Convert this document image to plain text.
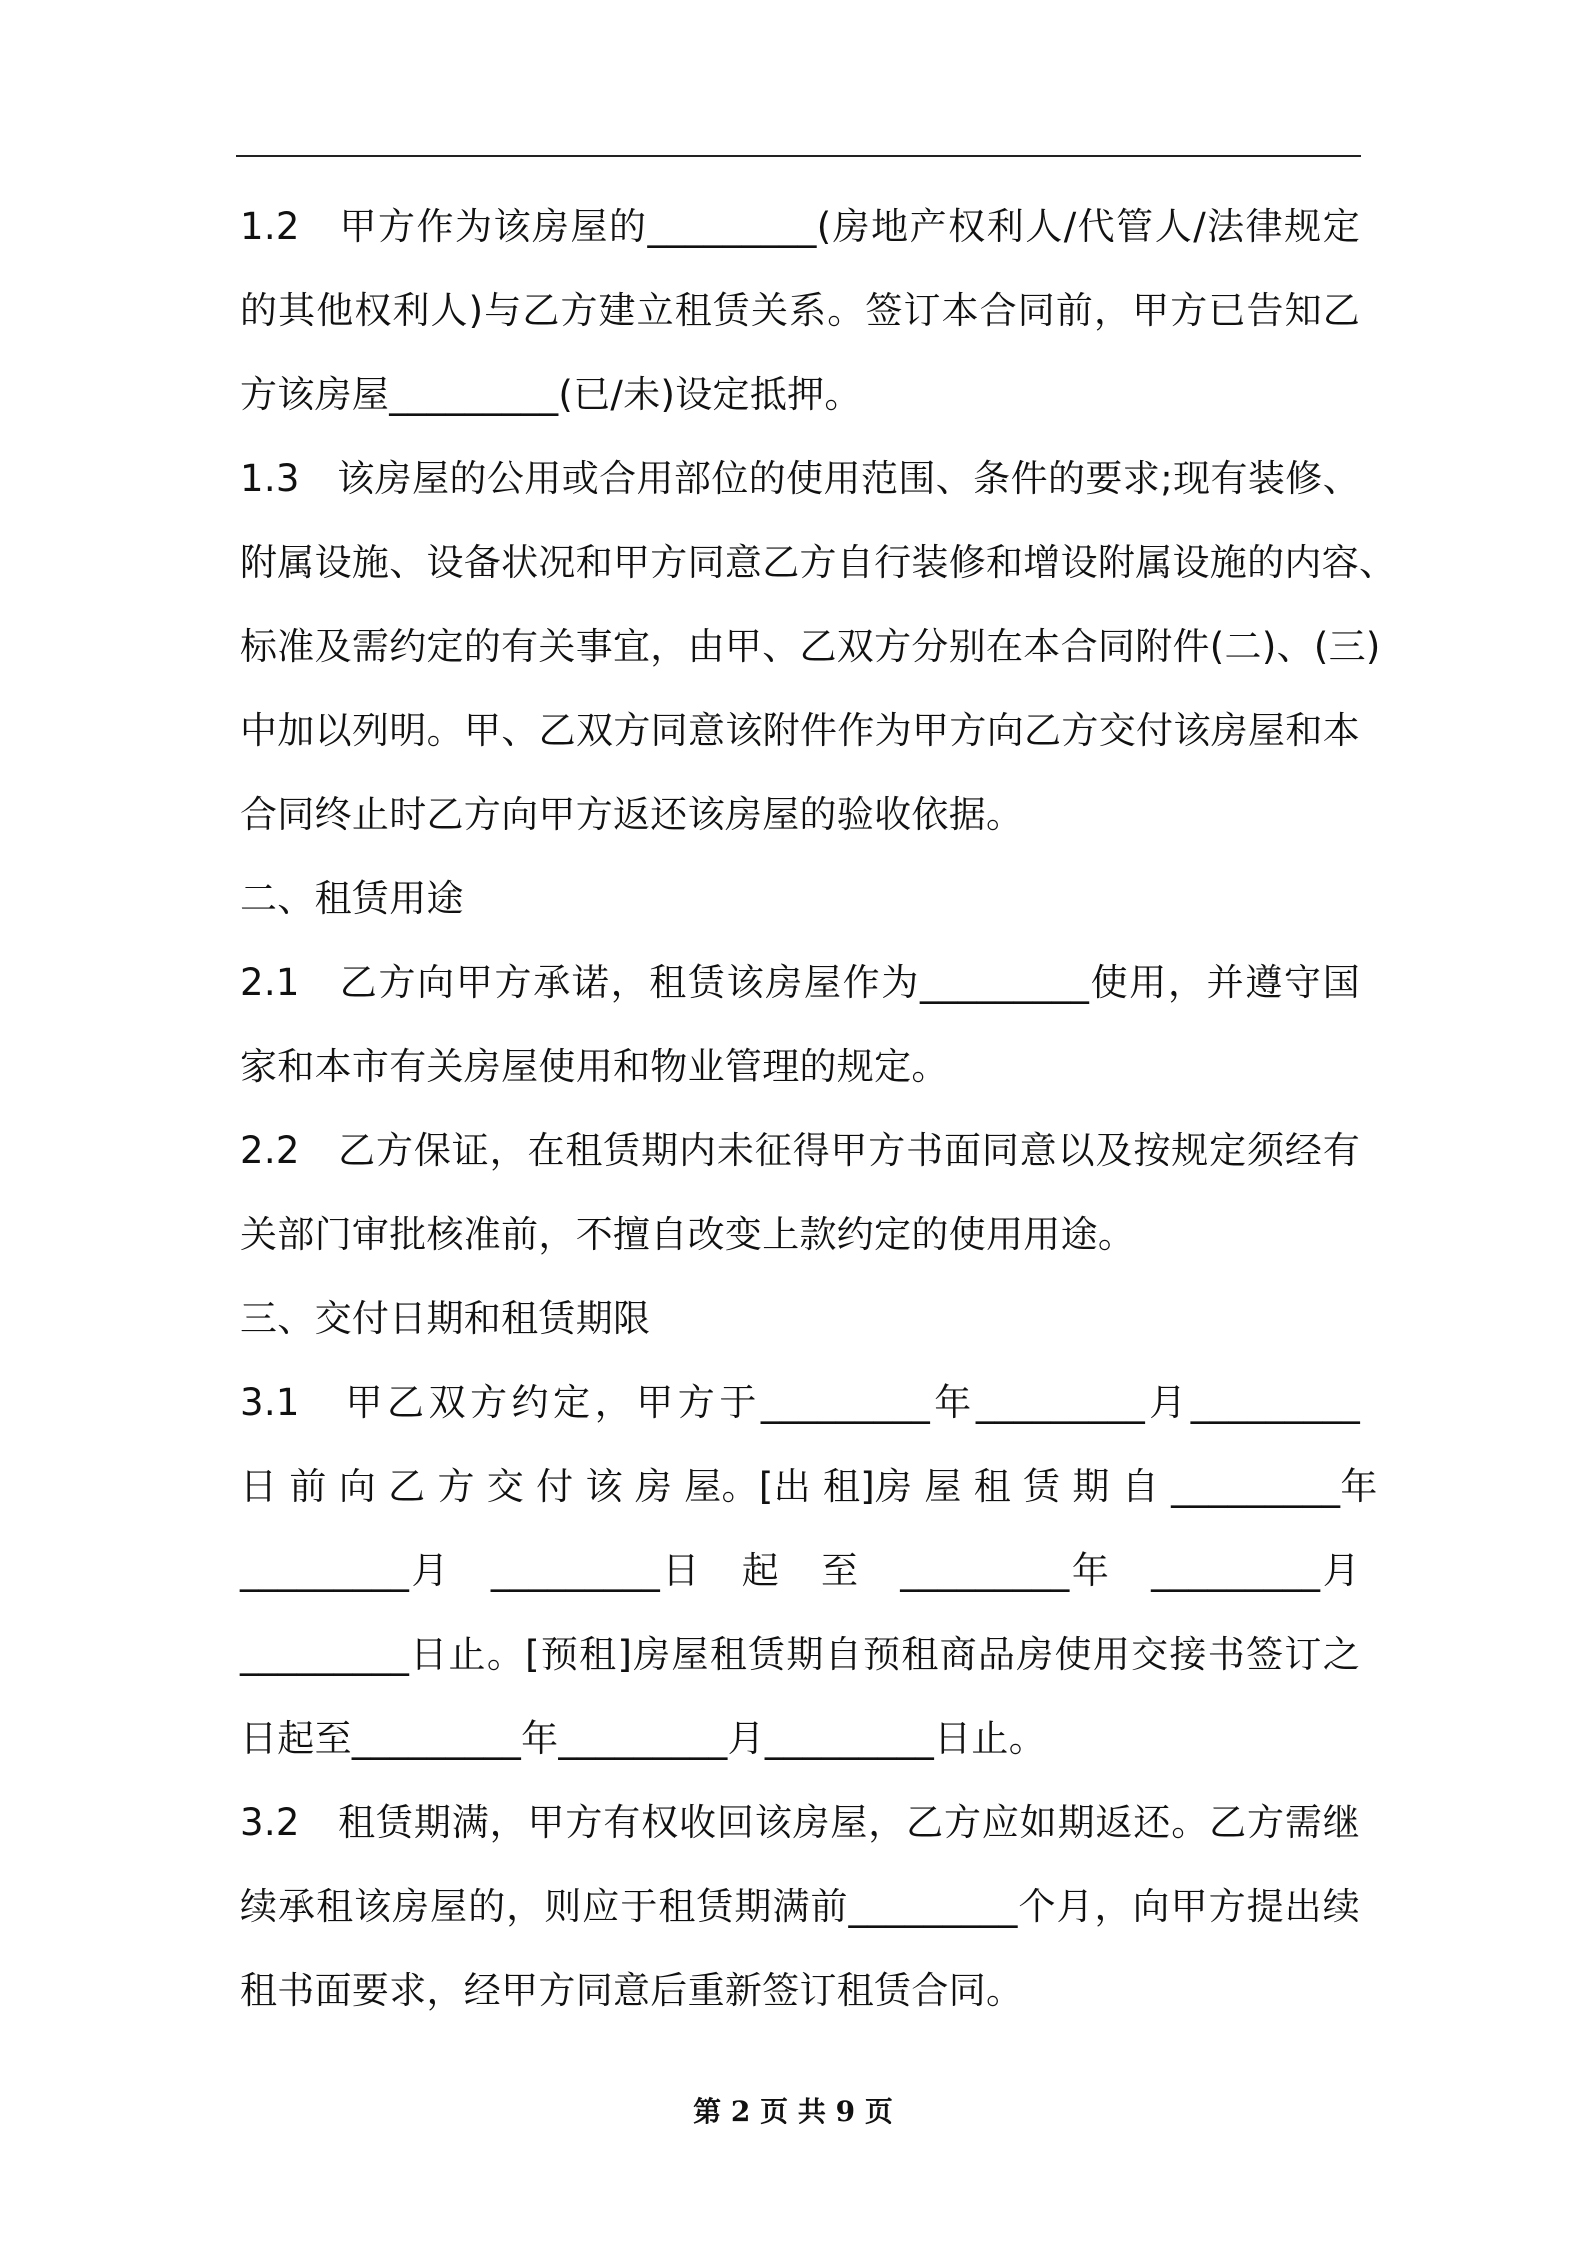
1.2　甲方作为该房屋的_________(房地产权利人/代管人/法律规定
的其他权利人)与乙方建立租赁关系。签订本合同前，甲方已告知乙
方该房屋_________(已/未)设定抵押。
1.3　该房屋的公用或合用部位的使用范围、条件的要求;现有装修、
附属设施、设备状况和甲方同意乙方自行装修和增设附属设施的内容、
标准及需约定的有关事宜，由甲、乙双方分别在本合同附件(二)、(三)
中加以列明。甲、乙双方同意该附件作为甲方向乙方交付该房屋和本
合同终止时乙方向甲方返还该房屋的验收依据。
二、租赁用途
2.1　乙方向甲方承诺，租赁该房屋作为_________使用，并遵守国
家和本市有关房屋使用和物业管理的规定。
2.2　乙方保证，在租赁期内未征得甲方书面同意以及按规定须经有
关部门审批核准前，不擅自改变上款约定的使用用途。
三、交付日期和租赁期限
3.1　甲乙双方约定，甲方于_________年_________月_________
日 前 向 乙 方 交 付 该 房 屋。[出 租]房 屋 租 赁 期 自 _________年
_________月　_________日　起　至　_________年　_________月
_________日止。[预租]房屋租赁期自预租商品房使用交接书签订之
日起至_________年_________月_________日止。
3.2　租赁期满，甲方有权收回该房屋，乙方应如期返还。乙方需继
续承租该房屋的，则应于租赁期满前_________个月，向甲方提出续
租书面要求，经甲方同意后重新签订租赁合同。
第 2 页 共 9 页
